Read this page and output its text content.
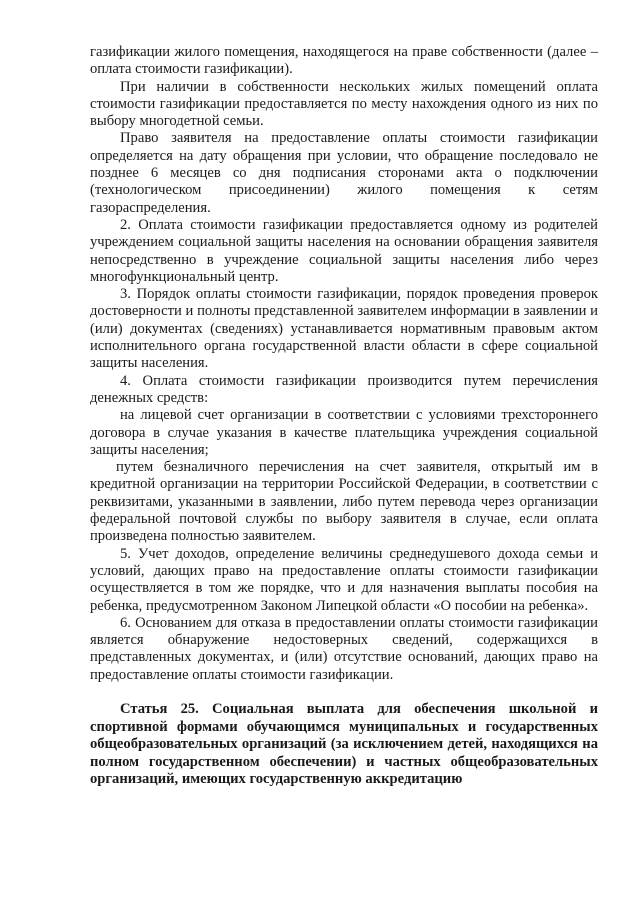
газификации жилого помещения, находящегося на праве собственности (далее – оплата стоимости газификации).

При наличии в собственности нескольких жилых помещений оплата стоимости газификации предоставляется по месту нахождения одного из них по выбору многодетной семьи.

Право заявителя на предоставление оплаты стоимости газификации определяется на дату обращения при условии, что обращение последовало не позднее 6 месяцев со дня подписания сторонами акта о подключении (технологическом присоединении) жилого помещения к сетям газораспределения.

2. Оплата стоимости газификации предоставляется одному из родителей учреждением социальной защиты населения на основании обращения заявителя непосредственно в учреждение социальной защиты населения либо через многофункциональный центр.

3. Порядок оплаты стоимости газификации, порядок проведения проверок достоверности и полноты представленной заявителем информации в заявлении и (или) документах (сведениях) устанавливается нормативным правовым актом исполнительного органа государственной власти области в сфере социальной защиты населения.

4. Оплата стоимости газификации производится путем перечисления денежных средств:

на лицевой счет организации в соответствии с условиями трехстороннего договора в случае указания в качестве плательщика учреждения социальной защиты населения;

путем безналичного перечисления на счет заявителя, открытый им в кредитной организации на территории Российской Федерации, в соответствии с реквизитами, указанными в заявлении, либо путем перевода через организации федеральной почтовой службы по выбору заявителя в случае, если оплата произведена полностью заявителем.

5. Учет доходов, определение величины среднедушевого дохода семьи и условий, дающих право на предоставление оплаты стоимости газификации осуществляется в том же порядке, что и для назначения выплаты пособия на ребенка, предусмотренном Законом Липецкой области «О пособии на ребенка».

6. Основанием для отказа в предоставлении оплаты стоимости газификации является обнаружение недостоверных сведений, содержащихся в представленных документах, и (или) отсутствие оснований, дающих право на предоставление оплаты стоимости газификации.

Статья 25. Социальная выплата для обеспечения школьной и спортивной формами обучающимся муниципальных и государственных общеобразовательных организаций (за исключением детей, находящихся на полном государственном обеспечении) и частных общеобразовательных организаций, имеющих государственную аккредитацию
